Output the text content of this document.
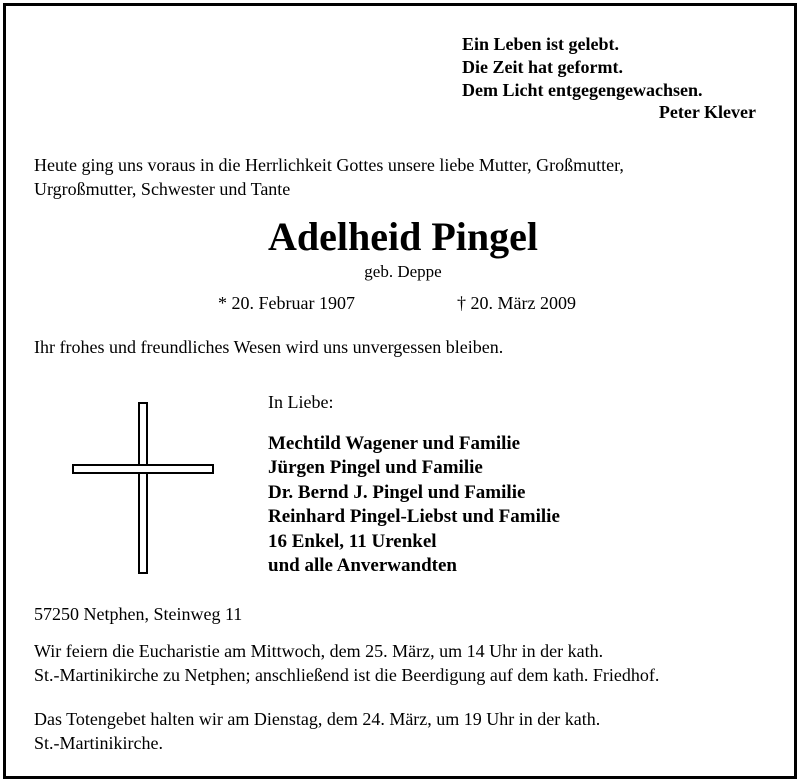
Ein Leben ist gelebt.
Die Zeit hat geformt.
Dem Licht entgegengewachsen.
Peter Klever
Heute ging uns voraus in die Herrlichkeit Gottes unsere liebe Mutter, Großmutter,
Urgroßmutter, Schwester und Tante
Adelheid Pingel
geb. Deppe
* 20. Februar 1907	† 20. März 2009
Ihr frohes und freundliches Wesen wird uns unvergessen bleiben.
In Liebe:
Mechtild Wagener und Familie
Jürgen Pingel und Familie
Dr. Bernd J. Pingel und Familie
Reinhard Pingel-Liebst und Familie
16 Enkel, 11 Urenkel
und alle Anverwandten
57250 Netphen, Steinweg 11
Wir feiern die Eucharistie am Mittwoch, dem 25. März, um 14 Uhr in der kath.
St.-Martinikirche zu Netphen; anschließend ist die Beerdigung auf dem kath. Friedhof.
Das Totengebet halten wir am Dienstag, dem 24. März, um 19 Uhr in der kath.
St.-Martinikirche.
